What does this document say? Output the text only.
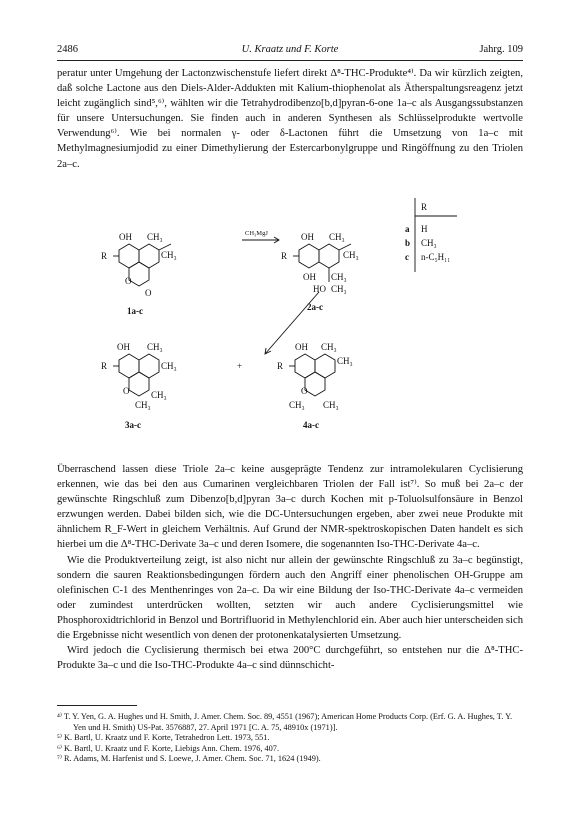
2486	U. Kraatz und F. Korte	Jahrg. 109

peratur unter Umgehung der Lactonzwischenstufe liefert direkt Δ⁸-THC-Produkte⁴⁾. Da wir kürzlich zeigten, daß solche Lactone aus den Diels-Alder-Addukten mit Kalium-thiophenolat als Ätherspaltungsreagenz jetzt leicht zugänglich sind⁵,⁶⁾, wählten wir die Tetrahydrodibenzo[b,d]pyran-6-one 1a–c als Ausgangssubstanzen für unsere Untersuchungen. Sie finden auch in anderen Synthesen als Schlüsselprodukte wertvolle Verwendung⁶⁾. Wie bei normalen γ- oder δ-Lactonen führt die Umsetzung von 1a–c mit Methylmagnesiumjodid zu einer Dimethylierung der Estercarbonylgruppe und Ringöffnung zu den Triolen 2a–c.

R
OH CH₃
CH₃
O
O
1a-c
CH₃MgJ
R
OH CH₃
CH₃
OH CH₃
HO CH₃
2a-c
R
a H
b CH₃
c n-C₅H₁₁
R
OH CH₃
CH₃
O CH₃
CH₃
3a-c
+	R
OH CH₃
CH₃
O
CH₃ CH₃
4a-c

Überraschend lassen diese Triole 2a–c keine ausgeprägte Tendenz zur intramolekularen Cyclisierung erkennen, wie das bei den aus Cumarinen vergleichbaren Triolen der Fall ist⁷⁾. So muß bei 2a–c der gewünschte Ringschluß zum Dibenzo[b,d]pyran 3a–c durch Kochen mit p-Toluolsulfonsäure in Benzol erzwungen werden. Dabei bilden sich, wie die DC-Untersuchungen ergeben, aber zwei neue Produkte mit ähnlichem R_F-Wert in gleichem Verhältnis. Auf Grund der NMR-spektroskopischen Daten handelt es sich hierbei um die Δ⁸-THC-Derivate 3a–c und deren Isomere, die sogenannten Iso-THC-Derivate 4a–c.

Wie die Produktverteilung zeigt, ist also nicht nur allein der gewünschte Ringschluß zu 3a–c begünstigt, sondern die sauren Reaktionsbedingungen fördern auch den Angriff einer phenolischen OH-Gruppe am olefinischen C-1 des Menthenringes von 2a–c. Da wir eine Bildung der Iso-THC-Derivate 4a–c vermeiden oder zumindest unterdrücken wollten, setzten wir auch andere Cyclisierungsmittel wie Phosphoroxidtrichlorid in Benzol und Bortrifluorid in Methylenchlorid ein. Aber auch hier unterscheiden sich die Ergebnisse nicht wesentlich von denen der protonenkatalysierten Umsetzung.

Wird jedoch die Cyclisierung thermisch bei etwa 200°C durchgeführt, so entstehen nur die Δ⁸-THC-Produkte 3a–c und die Iso-THC-Produkte 4a–c sind dünnschicht-

⁴⁾ T. Y. Yen, G. A. Hughes und H. Smith, J. Amer. Chem. Soc. 89, 4551 (1967); American Home Products Corp. (Erf. G. A. Hughes, T. Y. Yen und H. Smith) US-Pat. 3576887, 27. April 1971 [C. A. 75, 48910x (1971)].
⁵⁾ K. Bartl, U. Kraatz und F. Korte, Tetrahedron Lett. 1973, 551.
⁶⁾ K. Bartl, U. Kraatz und F. Korte, Liebigs Ann. Chem. 1976, 407.
⁷⁾ R. Adams, M. Harfenist und S. Loewe, J. Amer. Chem. Soc. 71, 1624 (1949).
